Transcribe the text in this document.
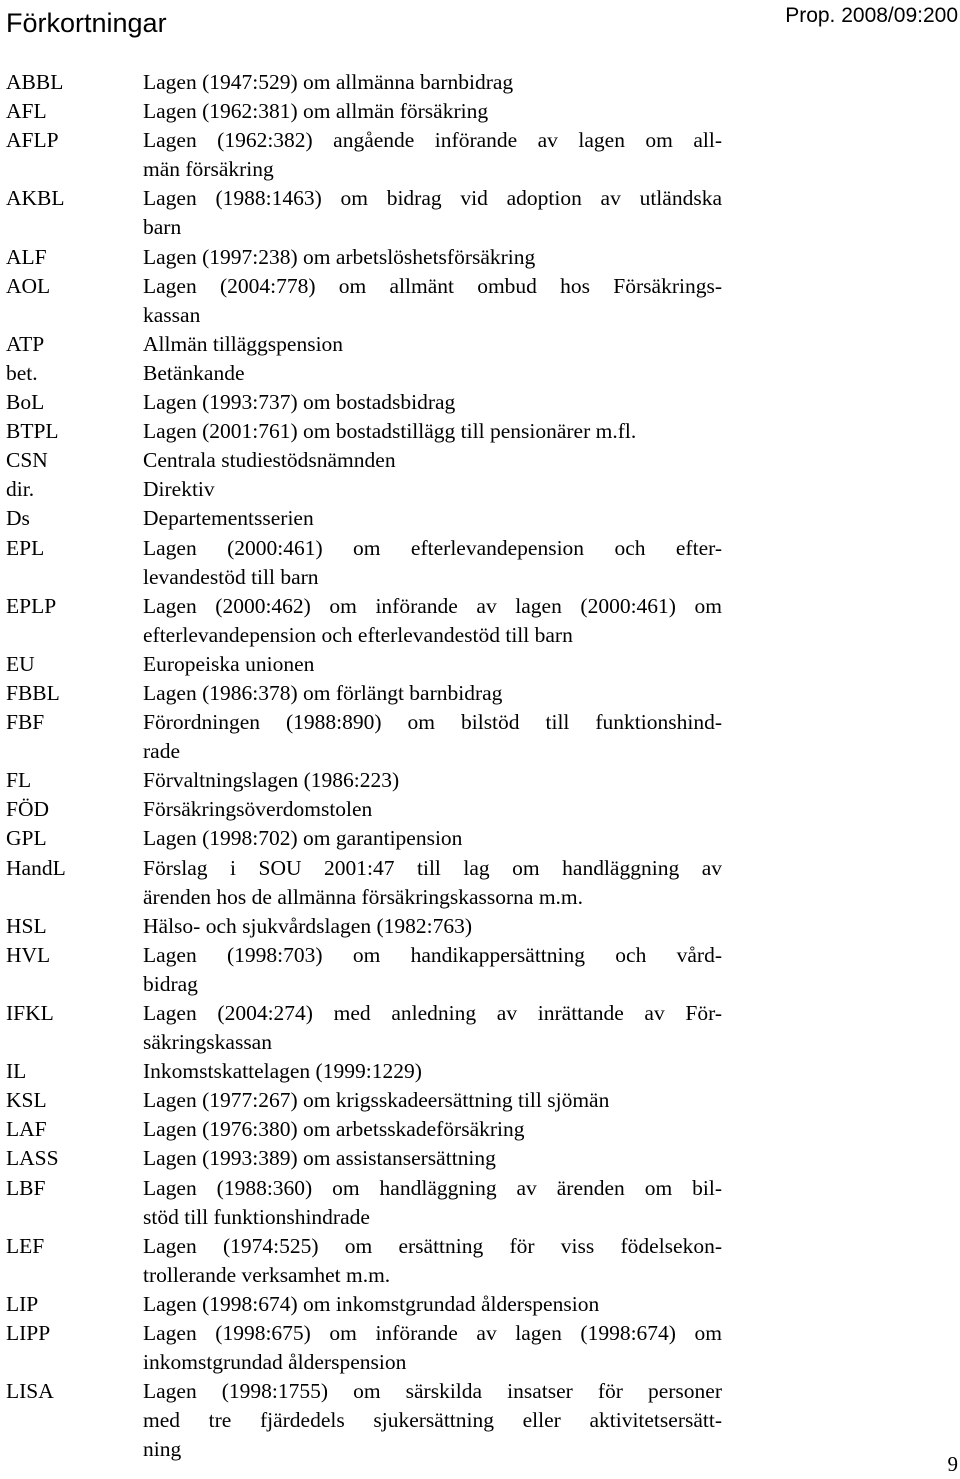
Förkortningar	Prop. 2008/09:200
ABBL	Lagen (1947:529) om allmänna barnbidrag
AFL	Lagen (1962:381) om allmän försäkring
AFLP	Lagen (1962:382) angående införande av lagen om all-
män försäkring
AKBL	Lagen (1988:1463) om bidrag vid adoption av utländska
barn
ALF	Lagen (1997:238) om arbetslöshetsförsäkring
AOL	Lagen (2004:778) om allmänt ombud hos Försäkrings-
kassan
ATP	Allmän tilläggspension
bet.	Betänkande
BoL	Lagen (1993:737) om bostadsbidrag
BTPL	Lagen (2001:761) om bostadstillägg till pensionärer m.fl.
CSN	Centrala studiestödsnämnden
dir.	Direktiv
Ds	Departementsserien
EPL	Lagen (2000:461) om efterlevandepension och efter-
levandestöd till barn
EPLP	Lagen (2000:462) om införande av lagen (2000:461) om
efterlevandepension och efterlevandestöd till barn
EU	Europeiska unionen
FBBL	Lagen (1986:378) om förlängt barnbidrag
FBF	Förordningen (1988:890) om bilstöd till funktionshind-
rade
FL	Förvaltningslagen (1986:223)
FÖD	Försäkringsöverdomstolen
GPL	Lagen (1998:702) om garantipension
HandL	Förslag i SOU 2001:47 till lag om handläggning av
ärenden hos de allmänna försäkringskassorna m.m.
HSL	Hälso- och sjukvårdslagen (1982:763)
HVL	Lagen (1998:703) om handikappersättning och vård-
bidrag
IFKL	Lagen (2004:274) med anledning av inrättande av För-
säkringskassan
IL	Inkomstskattelagen (1999:1229)
KSL	Lagen (1977:267) om krigsskadeersättning till sjömän
LAF	Lagen (1976:380) om arbetsskadeförsäkring
LASS	Lagen (1993:389) om assistansersättning
LBF	Lagen (1988:360) om handläggning av ärenden om bil-
stöd till funktionshindrade
LEF	Lagen (1974:525) om ersättning för viss födelsekon-
trollerande verksamhet m.m.
LIP	Lagen (1998:674) om inkomstgrundad ålderspension
LIPP	Lagen (1998:675) om införande av lagen (1998:674) om
inkomstgrundad ålderspension
LISA	Lagen (1998:1755) om särskilda insatser för personer
med tre fjärdedels sjukersättning eller aktivitetsersätt-
ning
9
